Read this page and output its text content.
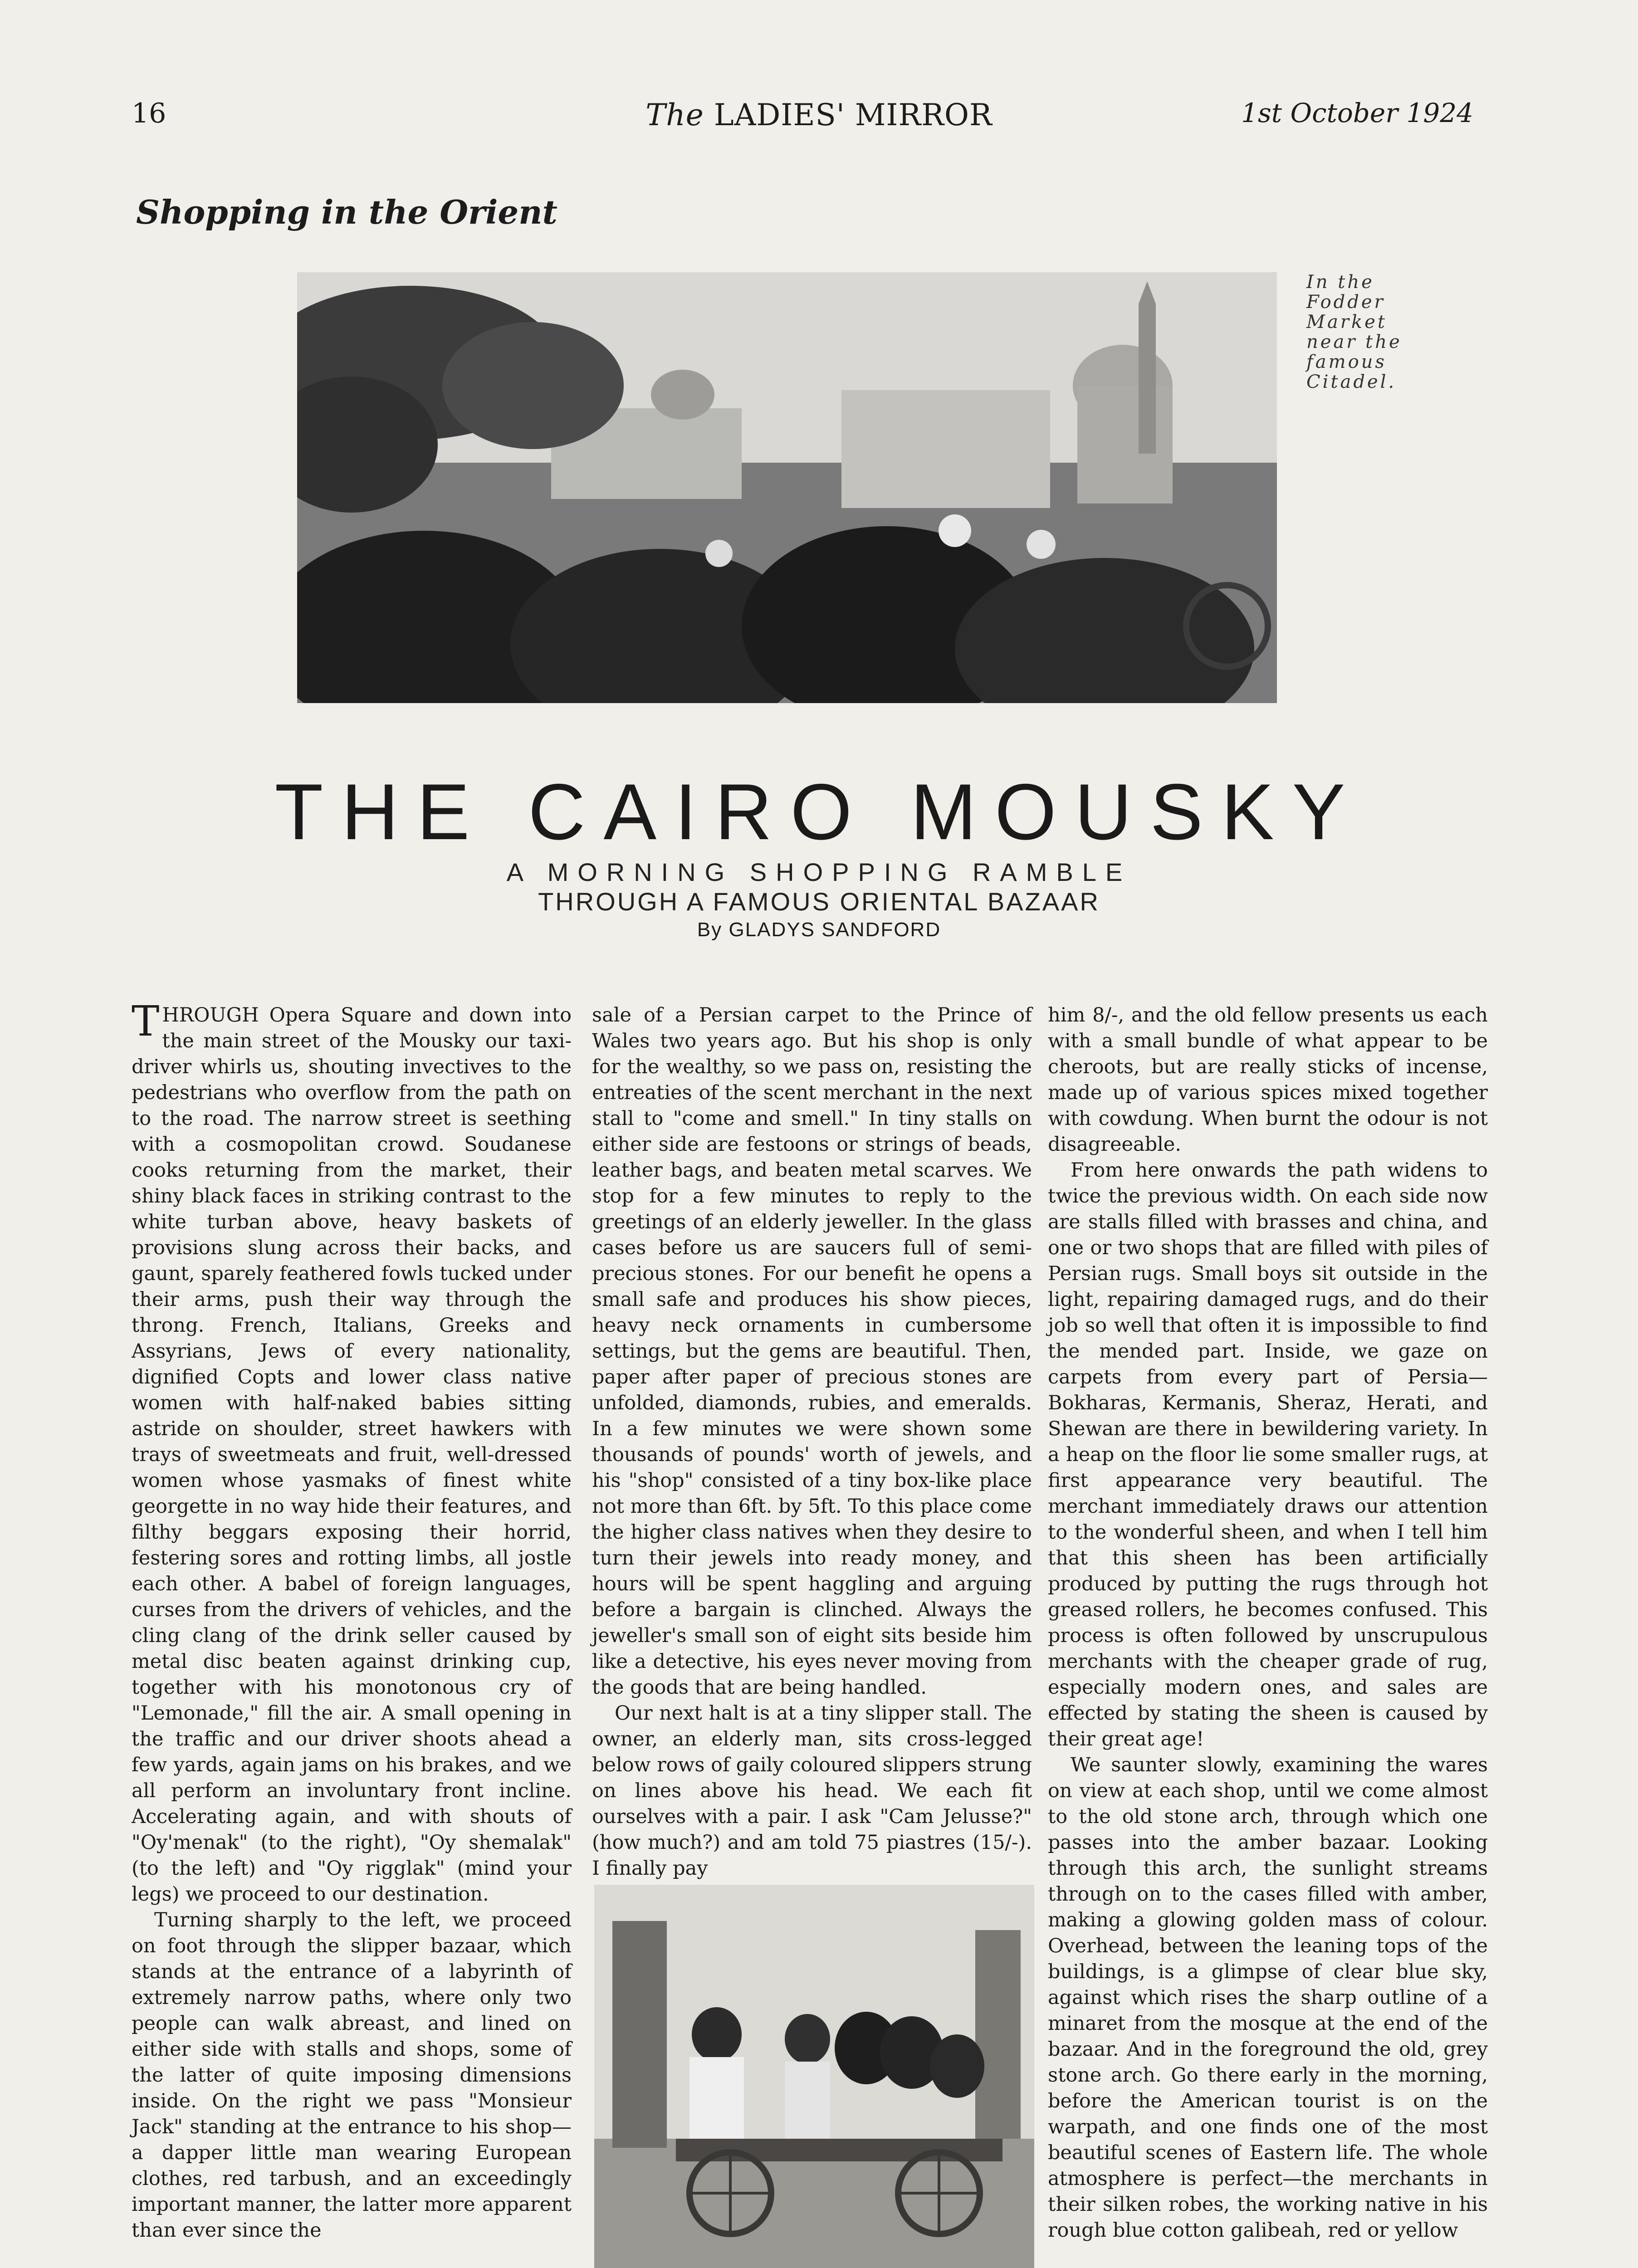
16	The LADIES' MIRROR	1st October 1924
Shopping in the Orient
In the Fodder Market near the famous Citadel.
THE CAIRO MOUSKY
A MORNING SHOPPING RAMBLE
THROUGH A FAMOUS ORIENTAL BAZAAR
By GLADYS SANDFORD

THROUGH Opera Square and down into the main street of the Mousky our taxi-driver whirls us, shouting invectives to the pedestrians who overflow from the path on to the road. The narrow street is seething with a cosmopolitan crowd. Soudanese cooks returning from the market, their shiny black faces in striking contrast to the white turban above, heavy baskets of provisions slung across their backs, and gaunt, sparely feathered fowls tucked under their arms, push their way through the throng. French, Italians, Greeks and Assyrians, Jews of every nationality, dignified Copts and lower class native women with half-naked babies sitting astride on shoulder, street hawkers with trays of sweetmeats and fruit, well-dressed women whose yasmaks of finest white georgette in no way hide their features, and filthy beggars exposing their horrid, festering sores and rotting limbs, all jostle each other. A babel of foreign languages, curses from the drivers of vehicles, and the cling clang of the drink seller caused by metal disc beaten against drinking cup, together with his monotonous cry of "Lemonade," fill the air. A small opening in the traffic and our driver shoots ahead a few yards, again jams on his brakes, and we all perform an involuntary front incline. Accelerating again, and with shouts of "Oy'menak" (to the right), "Oy shemalak" (to the left) and "Oy rigglak" (mind your legs) we proceed to our destination.

Turning sharply to the left, we proceed on foot through the slipper bazaar, which stands at the entrance of a labyrinth of extremely narrow paths, where only two people can walk abreast, and lined on either side with stalls and shops, some of the latter of quite imposing dimensions inside. On the right we pass "Monsieur Jack" standing at the entrance to his shop—a dapper little man wearing European clothes, red tarbush, and an exceedingly important manner, the latter more apparent than ever since the

sale of a Persian carpet to the Prince of Wales two years ago. But his shop is only for the wealthy, so we pass on, resisting the entreaties of the scent merchant in the next stall to "come and smell." In tiny stalls on either side are festoons or strings of beads, leather bags, and beaten metal scarves. We stop for a few minutes to reply to the greetings of an elderly jeweller. In the glass cases before us are saucers full of semi-precious stones. For our benefit he opens a small safe and produces his show pieces, heavy neck ornaments in cumbersome settings, but the gems are beautiful. Then, paper after paper of precious stones are unfolded, diamonds, rubies, and emeralds. In a few minutes we were shown some thousands of pounds' worth of jewels, and his "shop" consisted of a tiny box-like place not more than 6ft. by 5ft. To this place come the higher class natives when they desire to turn their jewels into ready money, and hours will be spent haggling and arguing before a bargain is clinched. Always the jeweller's small son of eight sits beside him like a detective, his eyes never moving from the goods that are being handled.

Our next halt is at a tiny slipper stall. The owner, an elderly man, sits cross-legged below rows of gaily coloured slippers strung on lines above his head. We each fit ourselves with a pair. I ask "Cam Jelusse?" (how much?) and am told 75 piastres (15/-). I finally pay

him 8/-, and the old fellow presents us each with a small bundle of what appear to be cheroots, but are really sticks of incense, made up of various spices mixed together with cowdung. When burnt the odour is not disagreeable.

From here onwards the path widens to twice the previous width. On each side now are stalls filled with brasses and china, and one or two shops that are filled with piles of Persian rugs. Small boys sit outside in the light, repairing damaged rugs, and do their job so well that often it is impossible to find the mended part. Inside, we gaze on carpets from every part of Persia—Bokharas, Kermanis, Sheraz, Herati, and Shewan are there in bewildering variety. In a heap on the floor lie some smaller rugs, at first appearance very beautiful. The merchant immediately draws our attention to the wonderful sheen, and when I tell him that this sheen has been artificially produced by putting the rugs through hot greased rollers, he becomes confused. This process is often followed by unscrupulous merchants with the cheaper grade of rug, especially modern ones, and sales are effected by stating the sheen is caused by their great age!

We saunter slowly, examining the wares on view at each shop, until we come almost to the old stone arch, through which one passes into the amber bazaar. Looking through this arch, the sunlight streams through on to the cases filled with amber, making a glowing golden mass of colour. Overhead, between the leaning tops of the buildings, is a glimpse of clear blue sky, against which rises the sharp outline of a minaret from the mosque at the end of the bazaar. And in the foreground the old, grey stone arch. Go there early in the morning, before the American tourist is on the warpath, and one finds one of the most beautiful scenes of Eastern life. The whole atmosphere is perfect—the merchants in their silken robes, the working native in his rough blue cotton galibeah, red or yellow
